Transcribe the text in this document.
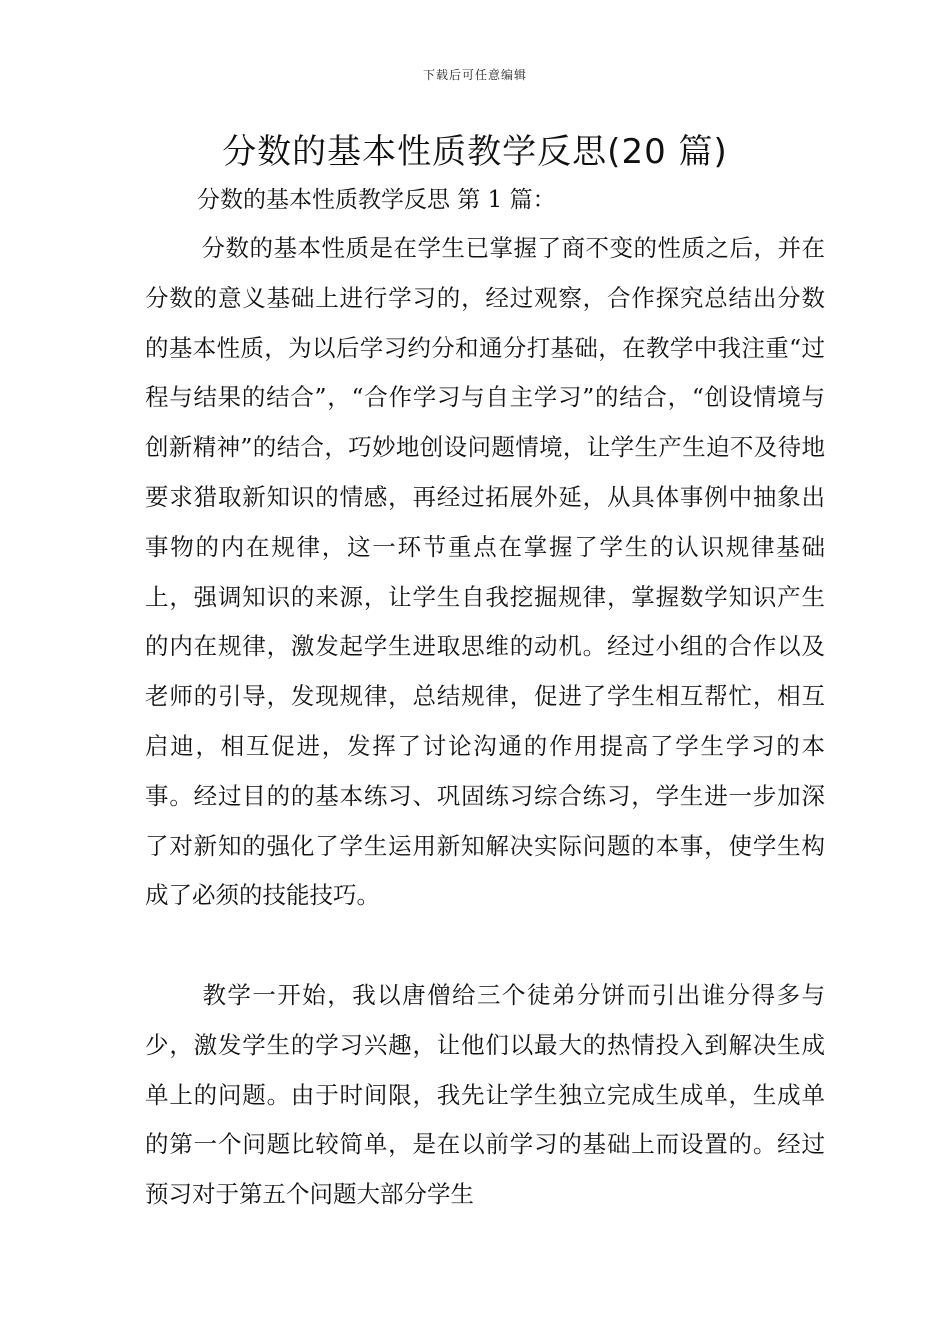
下载后可任意编辑
分数的基本性质教学反思(20 篇)
分数的基本性质教学反思 第 1 篇：

分数的基本性质是在学生已掌握了商不变的性质之后，并在分数的意义基础上进行学习的，经过观察，合作探究总结出分数的基本性质，为以后学习约分和通分打基础，在教学中我注重“过程与结果的结合”，“合作学习与自主学习”的结合，“创设情境与创新精神”的结合，巧妙地创设问题情境，让学生产生迫不及待地要求猎取新知识的情感，再经过拓展外延，从具体事例中抽象出事物的内在规律，这一环节重点在掌握了学生的认识规律基础上，强调知识的来源，让学生自我挖掘规律，掌握数学知识产生的内在规律，激发起学生进取思维的动机。经过小组的合作以及老师的引导，发现规律，总结规律，促进了学生相互帮忙，相互启迪，相互促进，发挥了讨论沟通的作用提高了学生学习的本事。经过目的的基本练习、巩固练习综合练习，学生进一步加深了对新知的强化了学生运用新知解决实际问题的本事，使学生构成了必须的技能技巧。

教学一开始，我以唐僧给三个徒弟分饼而引出谁分得多与少，激发学生的学习兴趣，让他们以最大的热情投入到解决生成单上的问题。由于时间限，我先让学生独立完成生成单，生成单的第一个问题比较简单，是在以前学习的基础上而设置的。经过预习对于第五个问题大部分学生
